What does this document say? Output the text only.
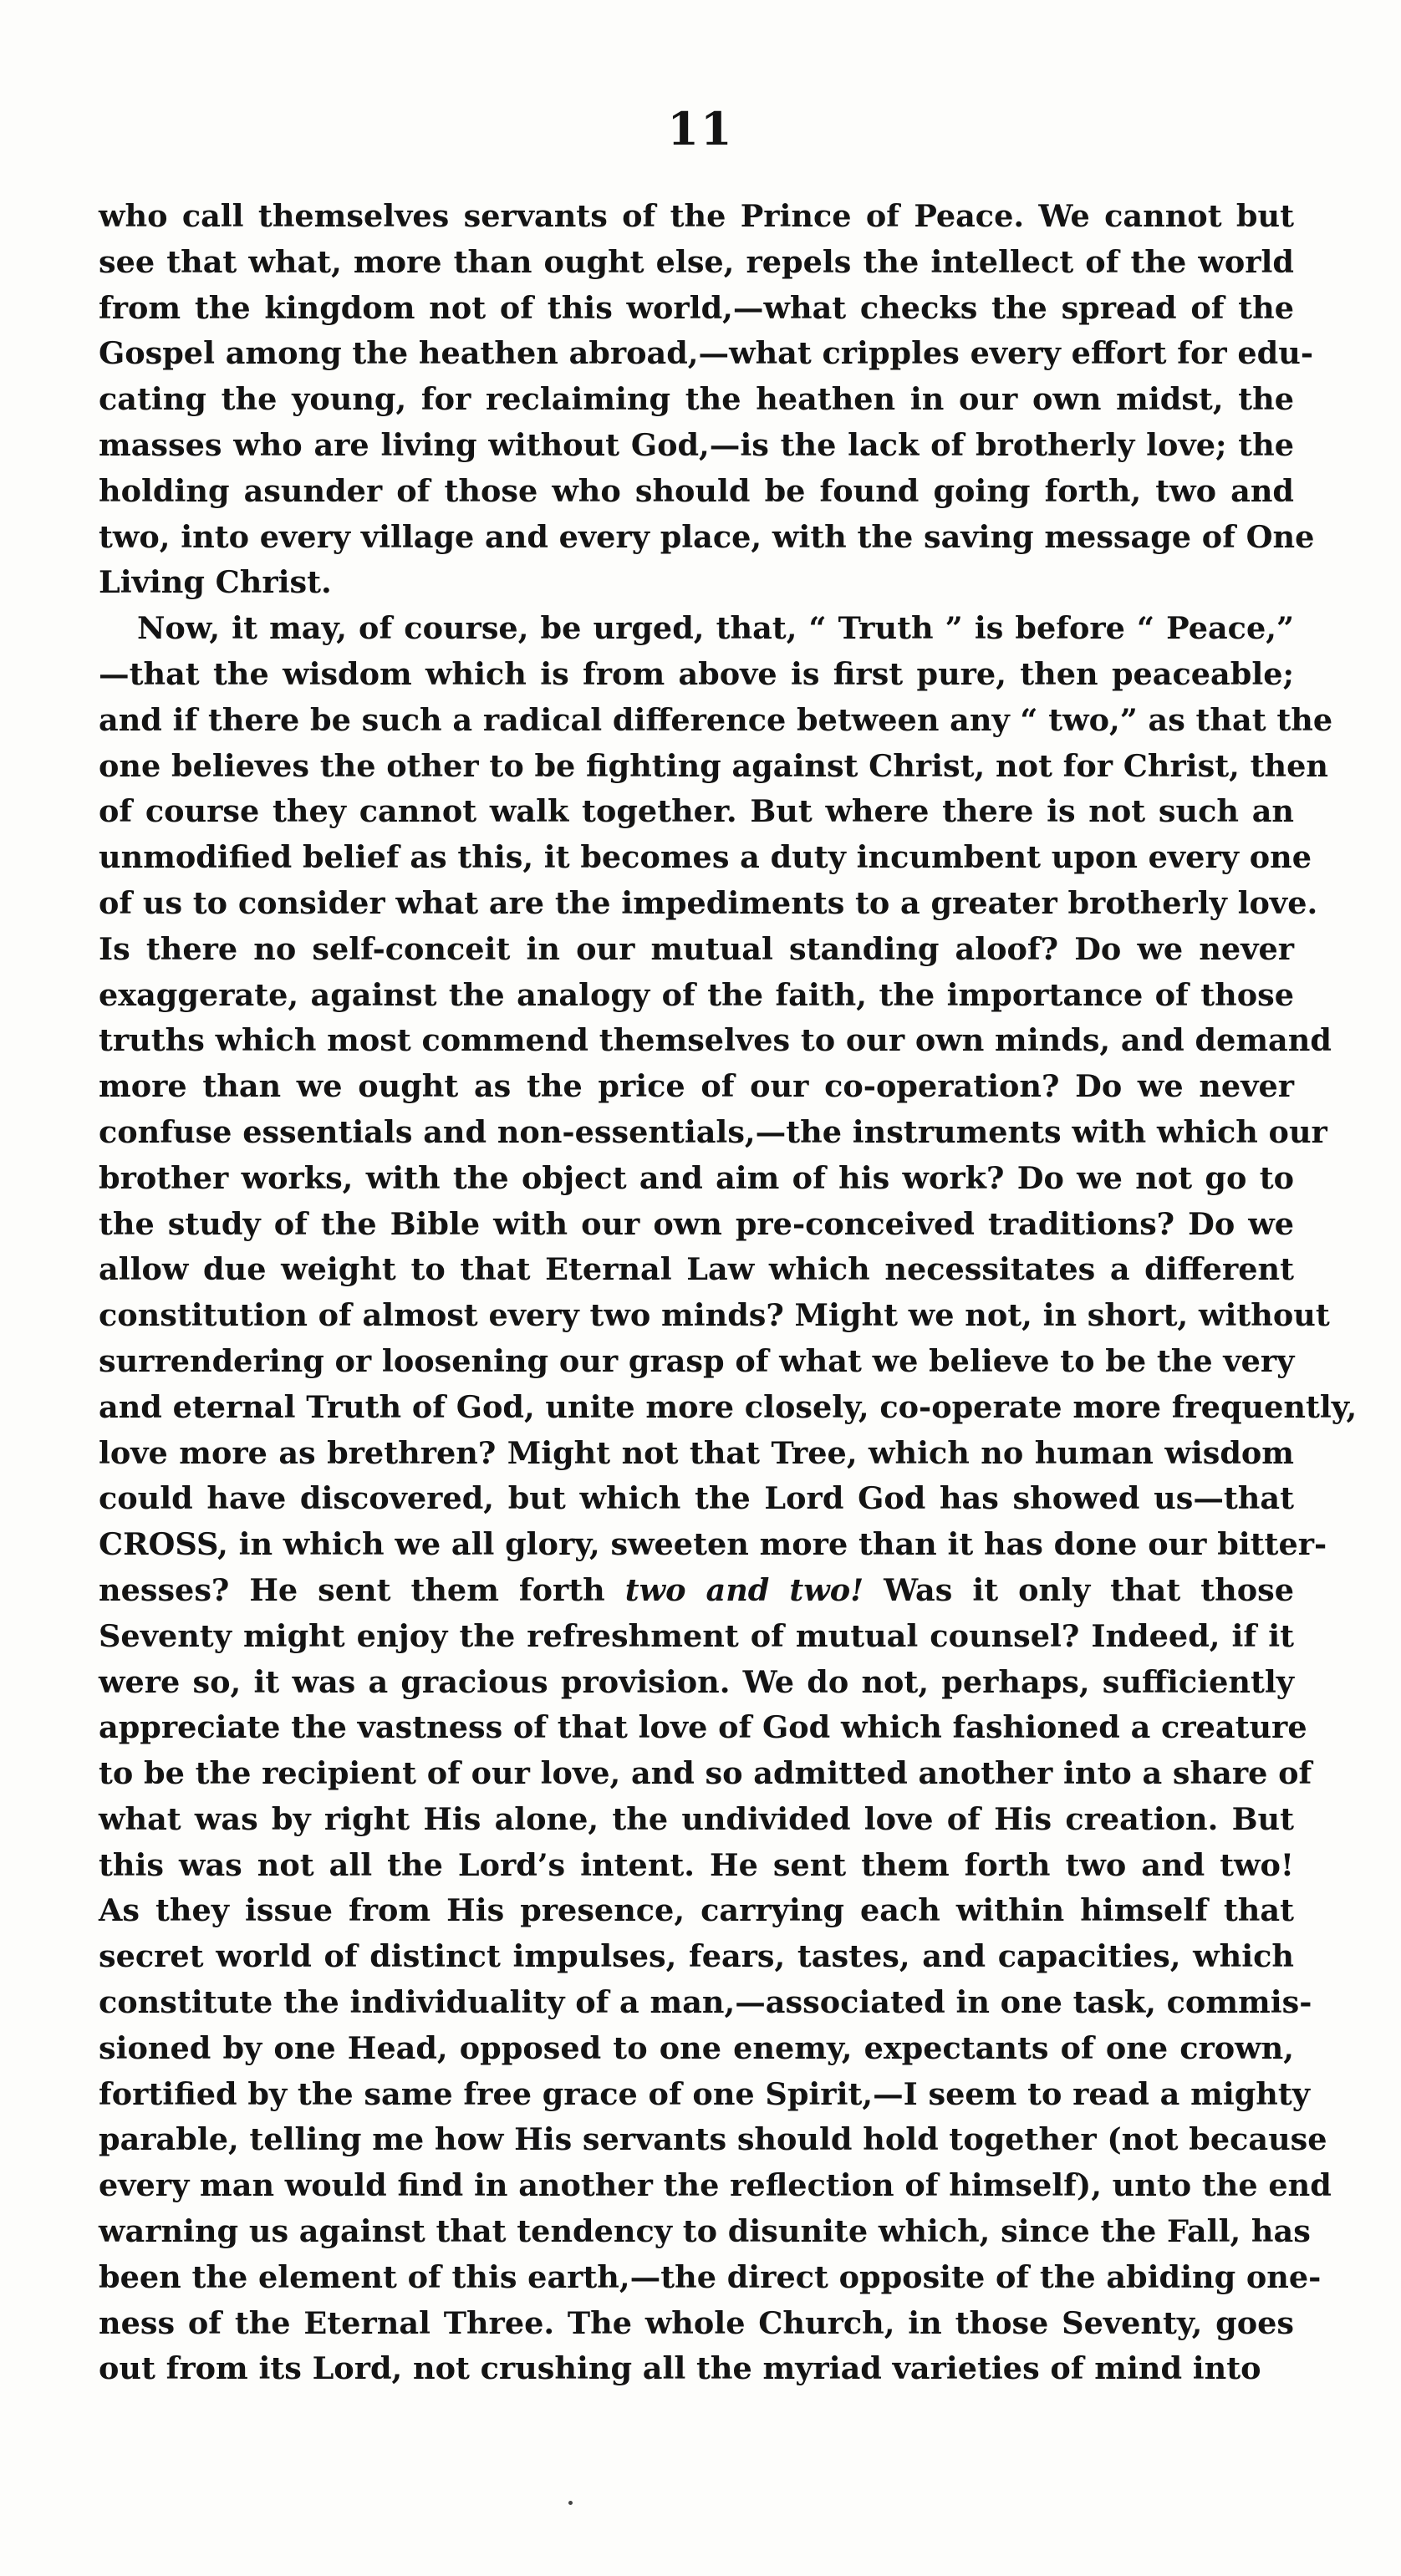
11
who call themselves servants of the Prince of Peace. We cannot but
see that what, more than ought else, repels the intellect of the world
from the kingdom not of this world,—what checks the spread of the
Gospel among the heathen abroad,—what cripples every effort for edu-
cating the young, for reclaiming the heathen in our own midst, the
masses who are living without God,—is the lack of brotherly love; the
holding asunder of those who should be found going forth, two and
two, into every village and every place, with the saving message of One
Living Christ.
Now, it may, of course, be urged, that, “ Truth ” is before “ Peace,”
—that the wisdom which is from above is first pure, then peaceable;
and if there be such a radical difference between any “ two,” as that the
one believes the other to be fighting against Christ, not for Christ, then
of course they cannot walk together. But where there is not such an
unmodified belief as this, it becomes a duty incumbent upon every one
of us to consider what are the impediments to a greater brotherly love.
Is there no self-conceit in our mutual standing aloof? Do we never
exaggerate, against the analogy of the faith, the importance of those
truths which most commend themselves to our own minds, and demand
more than we ought as the price of our co-operation? Do we never
confuse essentials and non-essentials,—the instruments with which our
brother works, with the object and aim of his work? Do we not go to
the study of the Bible with our own pre-conceived traditions? Do we
allow due weight to that Eternal Law which necessitates a different
constitution of almost every two minds? Might we not, in short, without
surrendering or loosening our grasp of what we believe to be the very
and eternal Truth of God, unite more closely, co-operate more frequently,
love more as brethren? Might not that Tree, which no human wisdom
could have discovered, but which the Lord God has showed us—that
CROSS, in which we all glory, sweeten more than it has done our bitter-
nesses? He sent them forth two and two! Was it only that those
Seventy might enjoy the refreshment of mutual counsel? Indeed, if it
were so, it was a gracious provision. We do not, perhaps, sufficiently
appreciate the vastness of that love of God which fashioned a creature
to be the recipient of our love, and so admitted another into a share of
what was by right His alone, the undivided love of His creation. But
this was not all the Lord’s intent. He sent them forth two and two!
As they issue from His presence, carrying each within himself that
secret world of distinct impulses, fears, tastes, and capacities, which
constitute the individuality of a man,—associated in one task, commis-
sioned by one Head, opposed to one enemy, expectants of one crown,
fortified by the same free grace of one Spirit,—I seem to read a mighty
parable, telling me how His servants should hold together (not because
every man would find in another the reflection of himself), unto the end
warning us against that tendency to disunite which, since the Fall, has
been the element of this earth,—the direct opposite of the abiding one-
ness of the Eternal Three. The whole Church, in those Seventy, goes
out from its Lord, not crushing all the myriad varieties of mind into
